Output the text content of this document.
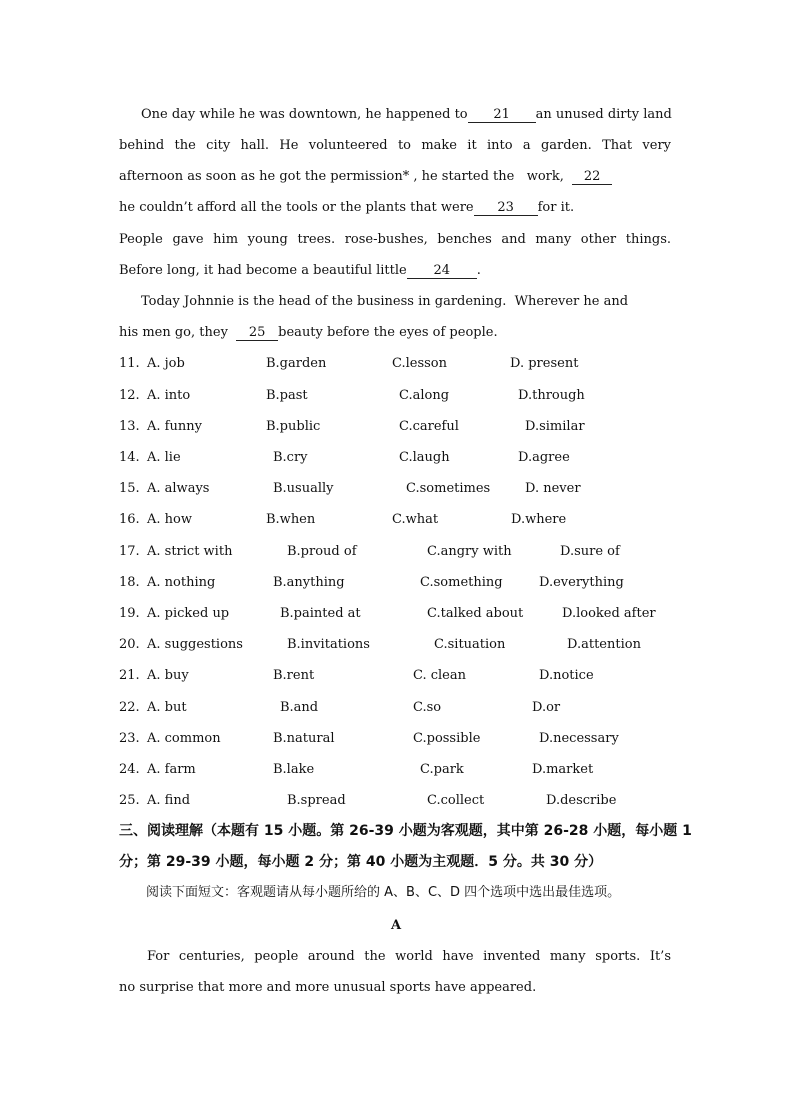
One day while he was downtown, he happened to 21 an unused dirty land
behind the city hall. He volunteered to make it into a garden. That very
afternoon as soon as he got the permission* , he started the   work, 22
he couldn’t afford all the tools or the plants that were 23 for it.
People gave him young trees. rose-bushes, benches and many other things.
Before long, it had become a beautiful little 24 .
Today Johnnie is the head of the business in gardening.  Wherever he and
his men go, they  25 beauty before the eyes of people.
11. A. job	B.garden	C.lesson	D. present
12. A. into	B.past	C.along	D.through
13. A. funny	B.public	C.careful	D.similar
14. A. lie	B.cry	C.laugh	D.agree
15. A. always	B.usually	C.sometimes	D. never
16. A. how	B.when	C.what	D.where
17. A. strict with	B.proud of	C.angry with	D.sure of
18. A. nothing	B.anything	C.something	D.everything
19. A. picked up	B.painted at	C.talked about	D.looked after
20. A. suggestions	B.invitations	C.situation	D.attention
21. A. buy	B.rent	C. clean	D.notice
22. A. but	B.and	C.so	D.or
23. A. common	B.natural	C.possible	D.necessary
24. A. farm	B.lake	C.park	D.market
25. A. find	B.spread	C.collect	D.describe
三、阅读理解（本题有 15 小题。第 26-39 小题为客观题，其中第 26-28 小题，每小题 1
分；第 29-39 小题，每小题 2 分；第 40 小题为主观题．5 分。共 30 分）
阅读下面短文：客观题请从每小题所给的 A、B、C、D 四个选项中选出最佳选项。
A
For centuries, people around the world have invented many sports. It’s
no surprise that more and more unusual sports have appeared.
